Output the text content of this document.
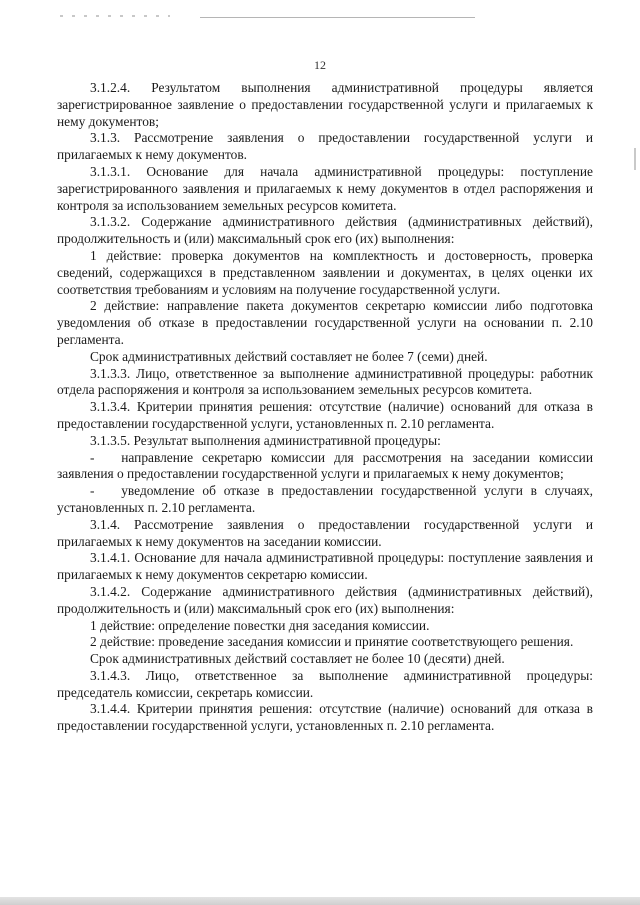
12

3.1.2.4. Результатом выполнения административной процедуры является зарегистрированное заявление о предоставлении государственной услуги и прилагаемых к нему документов;

3.1.3. Рассмотрение заявления о предоставлении государственной услуги и прилагаемых к нему документов.

3.1.3.1. Основание для начала административной процедуры: поступление зарегистрированного заявления и прилагаемых к нему документов в отдел распоряжения и контроля за использованием земельных ресурсов комитета.

3.1.3.2. Содержание административного действия (административных действий), продолжительность и (или) максимальный срок его (их) выполнения:

1 действие: проверка документов на комплектность и достоверность, проверка сведений, содержащихся в представленном заявлении и документах, в целях оценки их соответствия требованиям и условиям на получение государственной услуги.

2 действие: направление пакета документов секретарю комиссии либо подготовка уведомления об отказе в предоставлении государственной услуги на основании п. 2.10 регламента.

Срок административных действий составляет не более 7 (семи) дней.

3.1.3.3. Лицо, ответственное за выполнение административной процедуры: работник отдела распоряжения и контроля за использованием земельных ресурсов комитета.

3.1.3.4. Критерии принятия решения: отсутствие (наличие) оснований для отказа в предоставлении государственной услуги, установленных п. 2.10 регламента.

3.1.3.5. Результат выполнения административной процедуры:

-  направление секретарю комиссии для рассмотрения на заседании комиссии заявления о предоставлении государственной услуги и прилагаемых к нему документов;

-  уведомление об отказе в предоставлении государственной услуги в случаях, установленных п. 2.10 регламента.

3.1.4. Рассмотрение заявления о предоставлении государственной услуги и прилагаемых к нему документов на заседании комиссии.

3.1.4.1. Основание для начала административной процедуры: поступление заявления и прилагаемых к нему документов секретарю комиссии.

3.1.4.2. Содержание административного действия (административных действий), продолжительность и (или) максимальный срок его (их) выполнения:

1 действие: определение повестки дня заседания комиссии.

2 действие: проведение заседания комиссии и принятие соответствующего решения.

Срок административных действий составляет не более 10 (десяти) дней.

3.1.4.3. Лицо, ответственное за выполнение административной процедуры: председатель комиссии, секретарь комиссии.

3.1.4.4. Критерии принятия решения: отсутствие (наличие) оснований для отказа в предоставлении государственной услуги, установленных п. 2.10 регламента.
